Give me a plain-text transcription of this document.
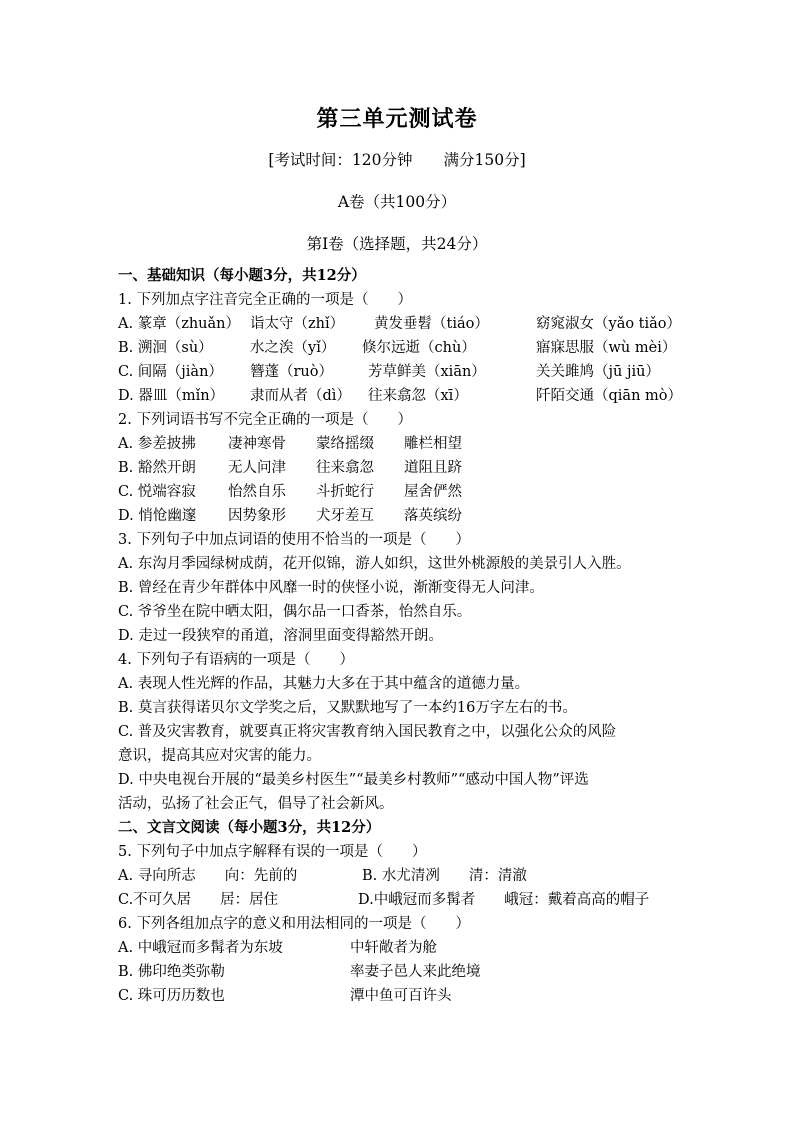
第三单元测试卷
[考试时间：120分钟　　满分150分]
A卷（共100分）
第Ⅰ卷（选择题，共24分）
一、基础知识（每小题3分，共12分）
1. 下列加点字注音完全正确的一项是（　　）
A. 篆章（zhuǎn） 诣太守（zhǐ） 黄发垂髫（tiáo）	窈窕淑女（yǎo tiǎo）
B. 溯洄（sù）	水之涘（yǐ） 倏尔远逝（chù）	寤寐思服（wù mèi）
C. 间隔（jiàn） 簪蓬（ruò） 芳草鲜美（xiān）	关关雎鸠（jū jiū）
D. 器皿（mǐn） 隶而从者（dì） 往来翕忽（xī）	阡陌交通（qiān mò）
2. 下列词语书写不完全正确的一项是（　　）
A. 参差披拂 凄神寒骨 蒙络摇缀 雕栏相望
B. 豁然开朗 无人问津 往来翕忽 道阻且跻
C. 悦端容寂 怡然自乐 斗折蛇行 屋舍俨然
D. 悄怆幽邃 因势象形 犬牙差互 落英缤纷
3. 下列句子中加点词语的使用不恰当的一项是（　　）
A. 东沟月季园绿树成荫，花开似锦，游人如织，这世外桃源般的美景引人入胜。
B. 曾经在青少年群体中风靡一时的侠怪小说，渐渐变得无人问津。
C. 爷爷坐在院中晒太阳，偶尔品一口香茶，怡然自乐。
D. 走过一段狭窄的甬道，溶洞里面变得豁然开朗。
4. 下列句子有语病的一项是（　　）
A. 表现人性光辉的作品，其魅力大多在于其中蕴含的道德力量。
B. 莫言获得诺贝尔文学奖之后，又默默地写了一本约16万字左右的书。
C. 普及灾害教育，就要真正将灾害教育纳入国民教育之中，以强化公众的风险
意识，提高其应对灾害的能力。
D. 中央电视台开展的“最美乡村医生”“最美乡村教师”“感动中国人物”评选
活动，弘扬了社会正气，倡导了社会新风。
二、文言文阅读（每小题3分，共12分）
5. 下列句子中加点字解释有误的一项是（　　）
A. 寻向所志　　向：先前的	B. 水尤清冽　　清：清澈
C.不可久居　　居：居住	D.中峨冠而多髯者　　峨冠：戴着高高的帽子
6. 下列各组加点字的意义和用法相同的一项是（　　）
A. 中峨冠而多髯者为东坡	中轩敞者为舱
B. 佛印绝类弥勒	率妻子邑人来此绝境
C. 珠可历历数也	潭中鱼可百许头
